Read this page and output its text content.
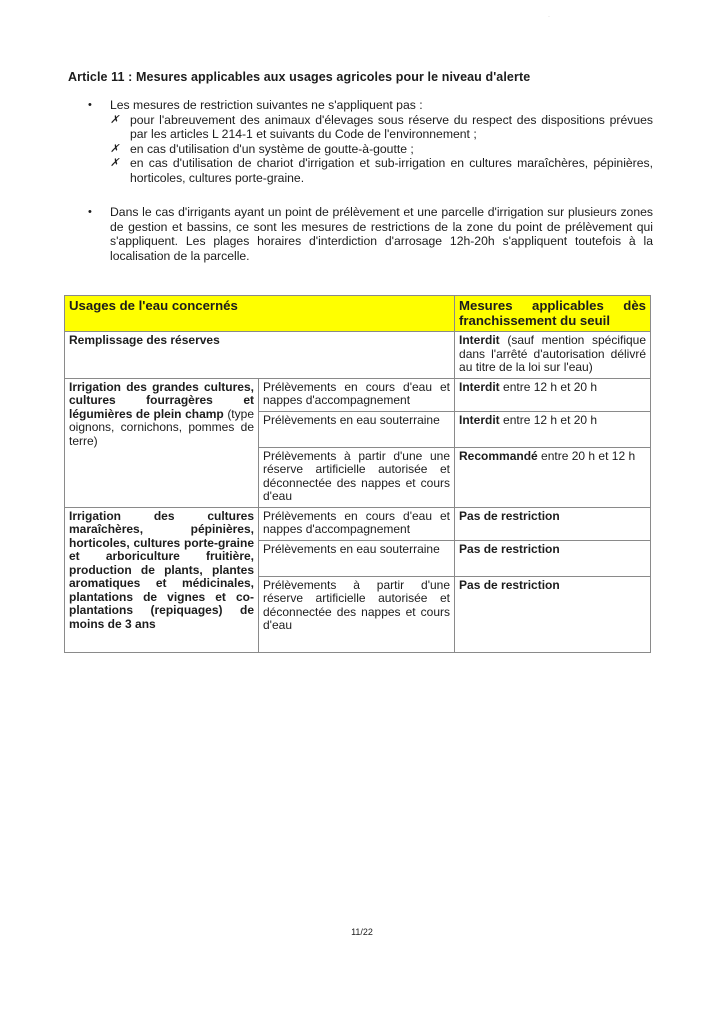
·
Article 11 : Mesures applicables aux usages agricoles pour le niveau d'alerte
• Les mesures de restriction suivantes ne s'appliquent pas :
✗ pour l'abreuvement des animaux d'élevages sous réserve du respect des dispositions prévues par les articles L 214-1 et suivants du Code de l'environnement ;
✗ en cas d'utilisation d'un système de goutte-à-goutte ;
✗ en cas d'utilisation de chariot d'irrigation et sub-irrigation en cultures maraîchères, pépinières, horticoles, cultures porte-graine.
• Dans le cas d'irrigants ayant un point de prélèvement et une parcelle d'irrigation sur plusieurs zones de gestion et bassins, ce sont les mesures de restrictions de la zone du point de prélèvement qui s'appliquent. Les plages horaires d'interdiction d'arrosage 12h-20h s'appliquent toutefois à la localisation de la parcelle.
Usages de l'eau concernés		Mesures applicables dès franchissement du seuil
Remplissage des réserves		Interdit (sauf mention spécifique dans l'arrêté d'autorisation délivré au titre de la loi sur l'eau)
Irrigation des grandes cultures, cultures fourragères et légumières de plein champ (type oignons, cornichons, pommes de terre)	Prélèvements en cours d'eau et nappes d'accompagnement	Interdit entre 12 h et 20 h
	Prélèvements en eau souterraine	Interdit entre 12 h et 20 h
	Prélèvements à partir d'une une réserve artificielle autorisée et déconnectée des nappes et cours d'eau	Recommandé entre 20 h et 12 h
Irrigation des cultures maraîchères, pépinières, horticoles, cultures porte-graine et arboriculture fruitière, production de plants, plantes aromatiques et médicinales, plantations de vignes et co-plantations (repiquages) de moins de 3 ans	Prélèvements en cours d'eau et nappes d'accompagnement	Pas de restriction
	Prélèvements en eau souterraine	Pas de restriction
	Prélèvements à partir d'une réserve artificielle autorisée et déconnectée des nappes et cours d'eau	Pas de restriction
11/22
